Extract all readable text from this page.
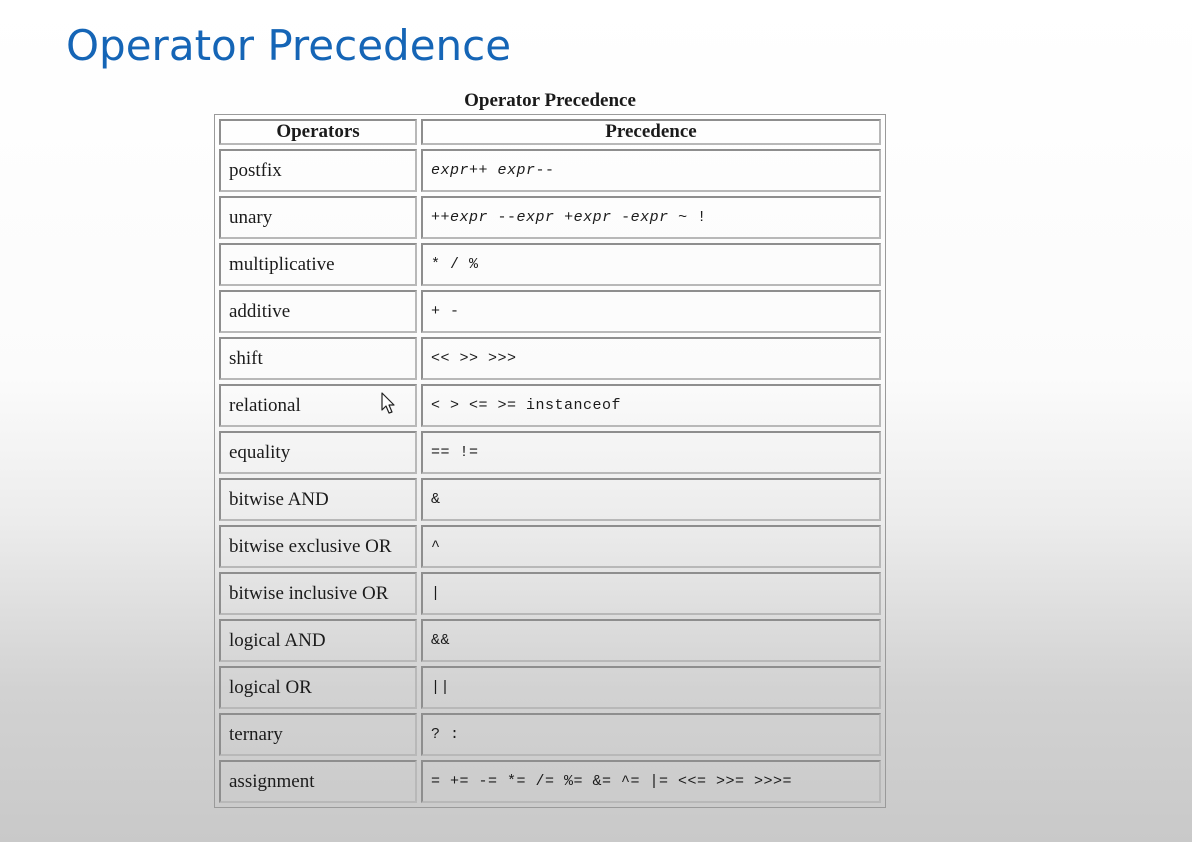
Operator Precedence
Operator Precedence
Operators	Precedence
postfix	expr++ expr--
unary	++expr --expr +expr -expr ~ !
multiplicative	* / %
additive	+ -
shift	<< >> >>>
relational	< > <= >= instanceof
equality	== !=
bitwise AND	&
bitwise exclusive OR	^
bitwise inclusive OR	|
logical AND	&&
logical OR	||
ternary	? :
assignment	= += -= *= /= %= &= ^= |= <<= >>= >>>=
